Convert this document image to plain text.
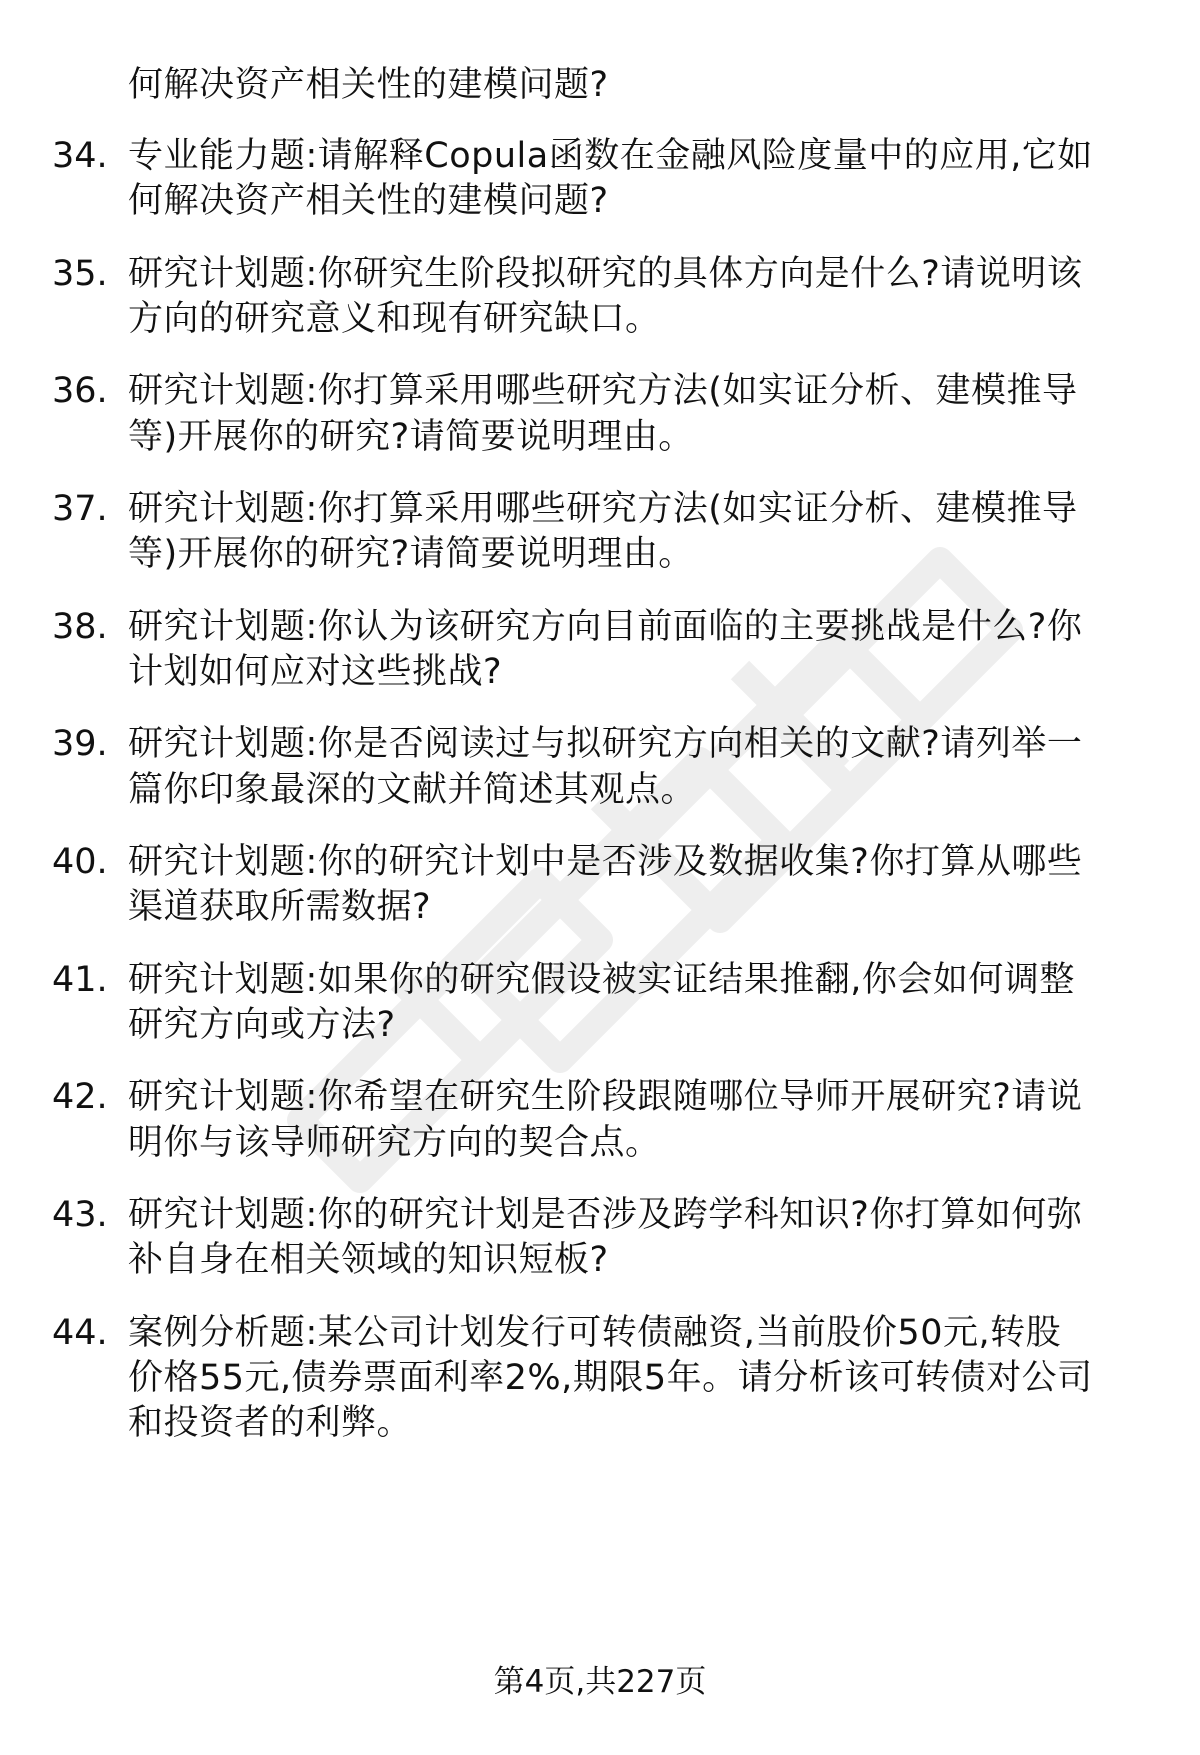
何解决资产相关性的建模问题?
34. 专业能力题:请解释Copula函数在金融风险度量中的应用,它如
何解决资产相关性的建模问题?
35. 研究计划题:你研究生阶段拟研究的具体方向是什么?请说明该
方向的研究意义和现有研究缺口。
36. 研究计划题:你打算采用哪些研究方法(如实证分析、建模推导
等)开展你的研究?请简要说明理由。
37. 研究计划题:你打算采用哪些研究方法(如实证分析、建模推导
等)开展你的研究?请简要说明理由。
38. 研究计划题:你认为该研究方向目前面临的主要挑战是什么?你
计划如何应对这些挑战?
39. 研究计划题:你是否阅读过与拟研究方向相关的文献?请列举一
篇你印象最深的文献并简述其观点。
40. 研究计划题:你的研究计划中是否涉及数据收集?你打算从哪些
渠道获取所需数据?
41. 研究计划题:如果你的研究假设被实证结果推翻,你会如何调整
研究方向或方法?
42. 研究计划题:你希望在研究生阶段跟随哪位导师开展研究?请说
明你与该导师研究方向的契合点。
43. 研究计划题:你的研究计划是否涉及跨学科知识?你打算如何弥
补自身在相关领域的知识短板?
44. 案例分析题:某公司计划发行可转债融资,当前股价50元,转股
价格55元,债券票面利率2%,期限5年。请分析该可转债对公司
和投资者的利弊。
第4页,共227页
